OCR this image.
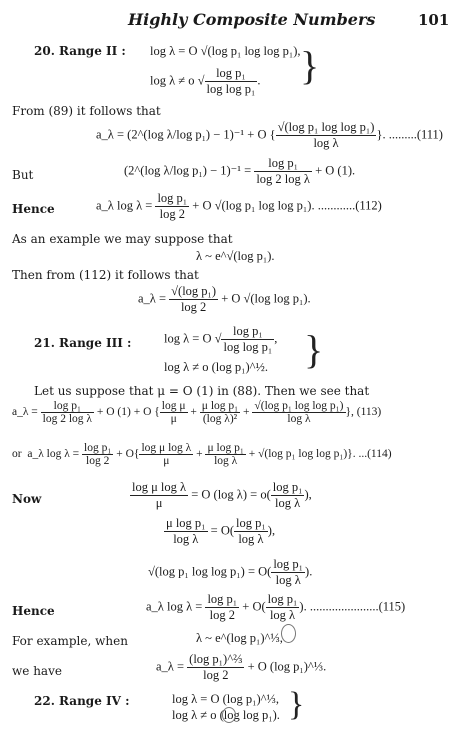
Highly Composite Numbers	101
20. Range II : log λ = O √(log p₁ log log p₁),
log λ ≠ o √ $\frac{\text{log p₁}}{\text{log log p₁}}$ . }
From (89) it follows that
a_λ = (2^(log λ/log p₁) − 1)⁻¹ + O { $\frac{\text{√(log p₁ log log p₁)}}{\text{log λ}}$ }. .........(111)
But	(2^(log λ/log $p_1) - 1)^{-1} = \frac{\text{log p₁}}{\text{log 2 log λ}} + O$ (1).
Hence	a_λ $\log \lambda = \frac{\text{log p₁}}{\log 2} + O$ √(log p₁ log log p₁). ............(112)
As an example we may suppose that
λ ~ e^√(log p₁).
Then from (112) it follows that
a_λ = $\frac{\text{√(log p₁)}}{\log 2} + O$ √(log log p₁).
21. Range III :	log λ = O √ $\frac{\text{log p₁}}{\text{log log p₁}}$ ,
log λ ≠ o (log p₁)^½. }
Let us suppose that μ = O (1) in (88). Then we see that
a_λ = $\frac{\text{log p₁}}{\text{log 2 log λ}} + O$ (1) + O { $\frac{\text{log μ}}{\mu} + \frac{\text{μ log p₁}}{\text{(log λ)²}} + \frac{\text{√(log p₁ log log p₁)}}{\text{log λ}}$ }, (113)
or a_λ $\log \lambda = \frac{\text{log p₁}}{\log 2} + O\{ \frac{\text{log μ log λ}}{\mu} + \frac{\text{μ log p₁}}{\text{log λ}} + √(\log$ p₁ log log p₁)}. ...(114)
Now	$\frac{\text{log μ log λ}}{\mu} = O$ (log $\lambda) = o( \frac{\text{log p₁}}{\text{log λ}}$ ),
$\frac{\text{μ log p₁}}{\text{log λ}} = O( \frac{\text{log p₁}}{\text{log λ}}$ ),
√(log p₁ $\log \log p_1) = O( \frac{\text{log p₁}}{\text{log λ}}$ ).
Hence	a_λ $\log \lambda = \frac{\text{log p₁}}{\log 2} + O( \frac{\text{log p₁}}{\text{log λ}}$ ). ......................(115)
For example, when	λ ~ e^(log p₁)^⅓,
we have	a_λ = $\frac{\text{(log p₁)\textasciicircum{}⅔}}{\log 2} + O$ (log p₁)^⅓.
22. Range IV :	log λ = O (log p₁)^⅓,
log λ ≠ o (log log p₁). }
